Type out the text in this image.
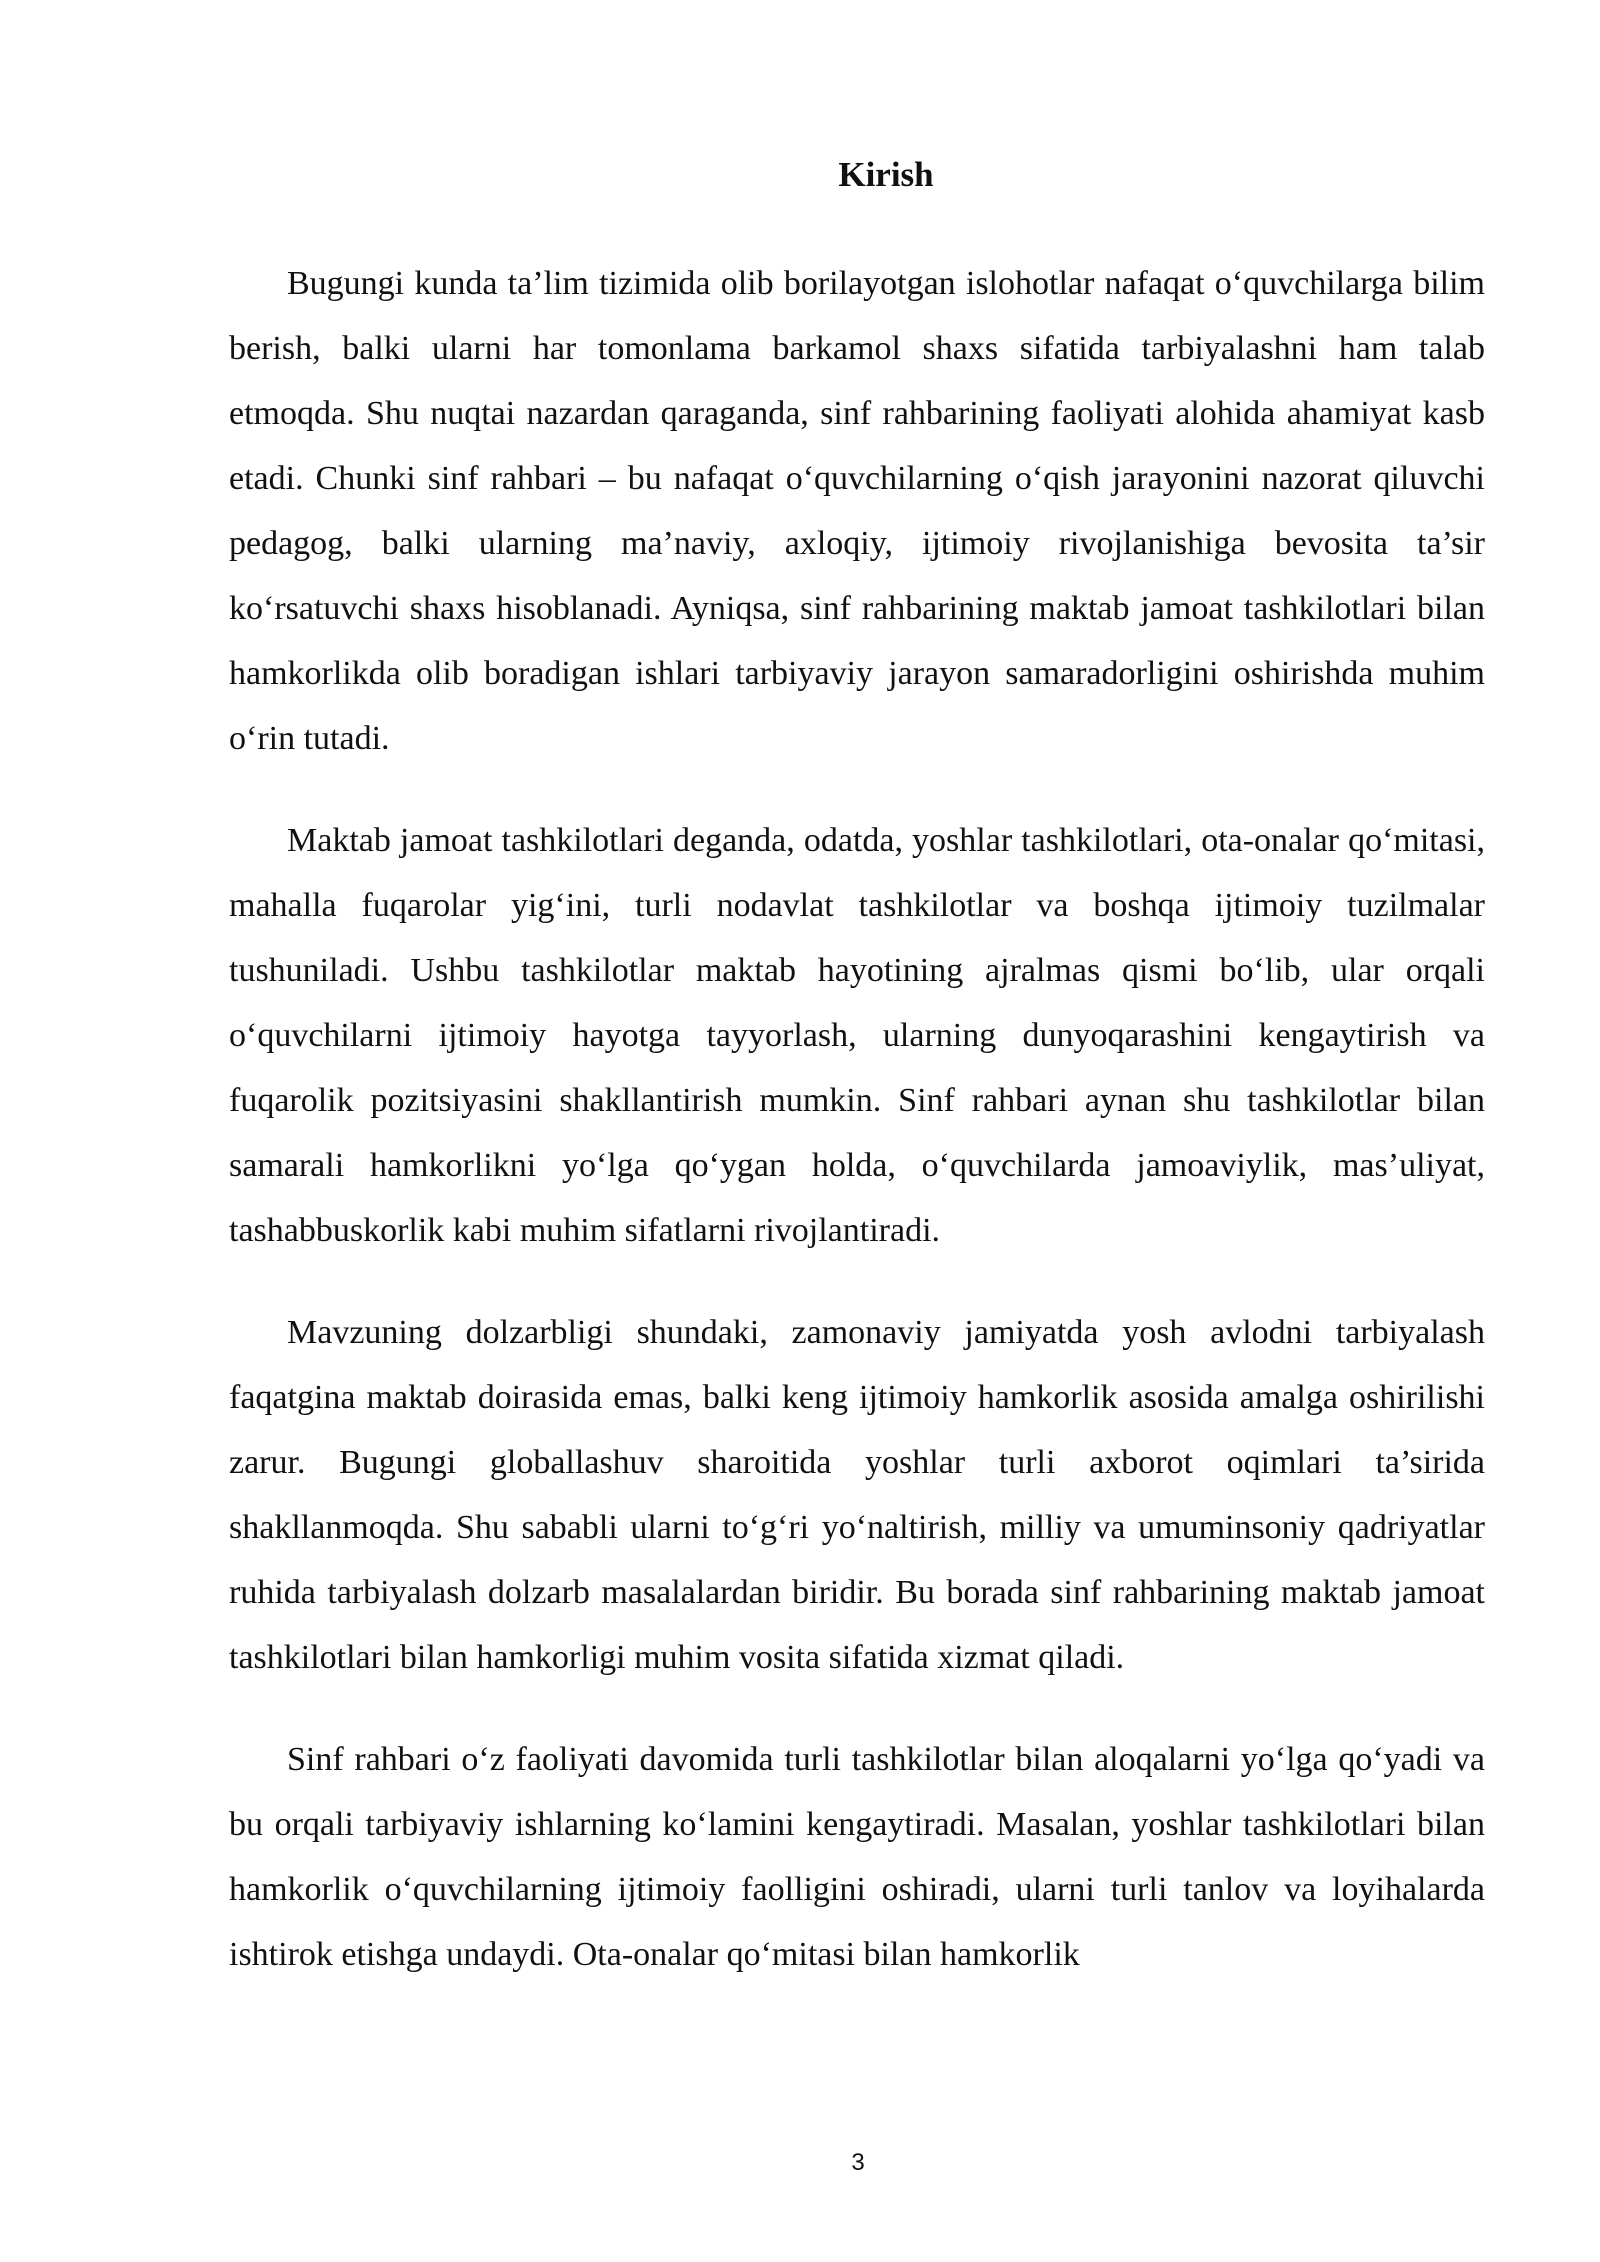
Kirish

Bugungi kunda ta’lim tizimida olib borilayotgan islohotlar nafaqat o‘quvchilarga bilim berish, balki ularni har tomonlama barkamol shaxs sifatida tarbiyalashni ham talab etmoqda. Shu nuqtai nazardan qaraganda, sinf rahbarining faoliyati alohida ahamiyat kasb etadi. Chunki sinf rahbari – bu nafaqat o‘quvchilarning o‘qish jarayonini nazorat qiluvchi pedagog, balki ularning ma’naviy, axloqiy, ijtimoiy rivojlanishiga bevosita ta’sir ko‘rsatuvchi shaxs hisoblanadi. Ayniqsa, sinf rahbarining maktab jamoat tashkilotlari bilan hamkorlikda olib boradigan ishlari tarbiyaviy jarayon samaradorligini oshirishda muhim o‘rin tutadi.

Maktab jamoat tashkilotlari deganda, odatda, yoshlar tashkilotlari, ota-onalar qo‘mitasi, mahalla fuqarolar yig‘ini, turli nodavlat tashkilotlar va boshqa ijtimoiy tuzilmalar tushuniladi. Ushbu tashkilotlar maktab hayotining ajralmas qismi bo‘lib, ular orqali o‘quvchilarni ijtimoiy hayotga tayyorlash, ularning dunyoqarashini kengaytirish va fuqarolik pozitsiyasini shakllantirish mumkin. Sinf rahbari aynan shu tashkilotlar bilan samarali hamkorlikni yo‘lga qo‘ygan holda, o‘quvchilarda jamoaviylik, mas’uliyat, tashabbuskorlik kabi muhim sifatlarni rivojlantiradi.

Mavzuning dolzarbligi shundaki, zamonaviy jamiyatda yosh avlodni tarbiyalash faqatgina maktab doirasida emas, balki keng ijtimoiy hamkorlik asosida amalga oshirilishi zarur. Bugungi globallashuv sharoitida yoshlar turli axborot oqimlari ta’sirida shakllanmoqda. Shu sababli ularni to‘g‘ri yo‘naltirish, milliy va umuminsoniy qadriyatlar ruhida tarbiyalash dolzarb masalalardan biridir. Bu borada sinf rahbarining maktab jamoat tashkilotlari bilan hamkorligi muhim vosita sifatida xizmat qiladi.

Sinf rahbari o‘z faoliyati davomida turli tashkilotlar bilan aloqalarni yo‘lga qo‘yadi va bu orqali tarbiyaviy ishlarning ko‘lamini kengaytiradi. Masalan, yoshlar tashkilotlari bilan hamkorlik o‘quvchilarning ijtimoiy faolligini oshiradi, ularni turli tanlov va loyihalarda ishtirok etishga undaydi. Ota-onalar qo‘mitasi bilan hamkorlik

3
